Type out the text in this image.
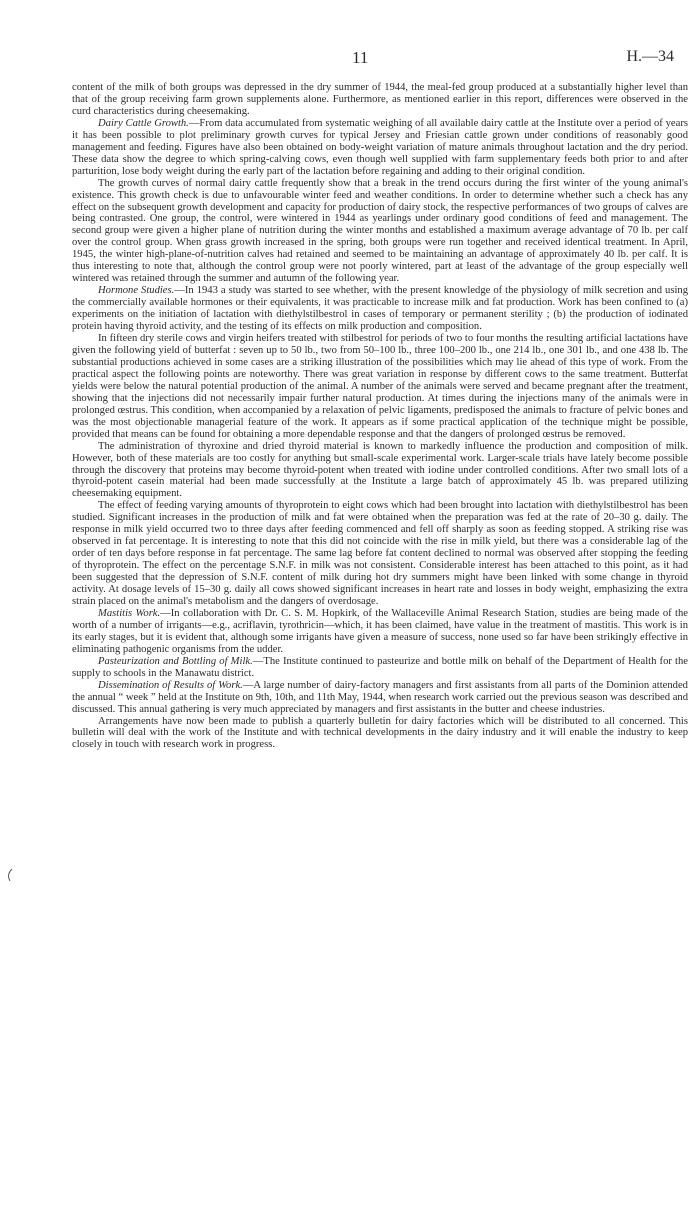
11	H.—34

content of the milk of both groups was depressed in the dry summer of 1944, the meal-fed group produced at a substantially higher level than that of the group receiving farm grown supplements alone. Furthermore, as mentioned earlier in this report, differences were observed in the curd characteristics during cheesemaking.

Dairy Cattle Growth.—From data accumulated from systematic weighing of all available dairy cattle at the Institute over a period of years it has been possible to plot preliminary growth curves for typical Jersey and Friesian cattle grown under conditions of reasonably good management and feeding. Figures have also been obtained on body-weight variation of mature animals throughout lactation and the dry period. These data show the degree to which spring-calving cows, even though well supplied with farm supplementary feeds both prior to and after parturition, lose body weight during the early part of the lactation before regaining and adding to their original condition.

The growth curves of normal dairy cattle frequently show that a break in the trend occurs during the first winter of the young animal's existence. This growth check is due to unfavourable winter feed and weather conditions. In order to determine whether such a check has any effect on the subsequent growth development and capacity for production of dairy stock, the respective performances of two groups of calves are being contrasted. One group, the control, were wintered in 1944 as yearlings under ordinary good conditions of feed and management. The second group were given a higher plane of nutrition during the winter months and established a maximum average advantage of 70 lb. per calf over the control group. When grass growth increased in the spring, both groups were run together and received identical treatment. In April, 1945, the winter high-plane-of-nutrition calves had retained and seemed to be maintaining an advantage of approximately 40 lb. per calf. It is thus interesting to note that, although the control group were not poorly wintered, part at least of the advantage of the group especially well wintered was retained through the summer and autumn of the following year.

Hormone Studies.—In 1943 a study was started to see whether, with the present knowledge of the physiology of milk secretion and using the commercially available hormones or their equivalents, it was practicable to increase milk and fat production. Work has been confined to (a) experiments on the initiation of lactation with diethylstilbestrol in cases of temporary or permanent sterility ; (b) the production of iodinated protein having thyroid activity, and the testing of its effects on milk production and composition.

In fifteen dry sterile cows and virgin heifers treated with stilbestrol for periods of two to four months the resulting artificial lactations have given the following yield of butterfat : seven up to 50 lb., two from 50–100 lb., three 100–200 lb., one 214 lb., one 301 lb., and one 438 lb. The substantial productions achieved in some cases are a striking illustration of the possibilities which may lie ahead of this type of work. From the practical aspect the following points are noteworthy. There was great variation in response by different cows to the same treatment. Butterfat yields were below the natural potential production of the animal. A number of the animals were served and became pregnant after the treatment, showing that the injections did not necessarily impair further natural production. At times during the injections many of the animals were in prolonged œstrus. This condition, when accompanied by a relaxation of pelvic ligaments, predisposed the animals to fracture of pelvic bones and was the most objectionable managerial feature of the work. It appears as if some practical application of the technique might be possible, provided that means can be found for obtaining a more dependable response and that the dangers of prolonged œstrus be removed.

The administration of thyroxine and dried thyroid material is known to markedly influence the production and composition of milk. However, both of these materials are too costly for anything but small-scale experimental work. Larger-scale trials have lately become possible through the discovery that proteins may become thyroid-potent when treated with iodine under controlled conditions. After two small lots of a thyroid-potent casein material had been made successfully at the Institute a large batch of approximately 45 lb. was prepared utilizing cheesemaking equipment.

The effect of feeding varying amounts of thyroprotein to eight cows which had been brought into lactation with diethylstilbestrol has been studied. Significant increases in the production of milk and fat were obtained when the preparation was fed at the rate of 20–30 g. daily. The response in milk yield occurred two to three days after feeding commenced and fell off sharply as soon as feeding stopped. A striking rise was observed in fat percentage. It is interesting to note that this did not coincide with the rise in milk yield, but there was a considerable lag of the order of ten days before response in fat percentage. The same lag before fat content declined to normal was observed after stopping the feeding of thyroprotein. The effect on the percentage S.N.F. in milk was not consistent. Considerable interest has been attached to this point, as it had been suggested that the depression of S.N.F. content of milk during hot dry summers might have been linked with some change in thyroid activity. At dosage levels of 15–30 g. daily all cows showed significant increases in heart rate and losses in body weight, emphasizing the extra strain placed on the animal's metabolism and the dangers of overdosage.

Mastitis Work.—In collaboration with Dr. C. S. M. Hopkirk, of the Wallaceville Animal Research Station, studies are being made of the worth of a number of irrigants—e.g., acriflavin, tyrothricin—which, it has been claimed, have value in the treatment of mastitis. This work is in its early stages, but it is evident that, although some irrigants have given a measure of success, none used so far have been strikingly effective in eliminating pathogenic organisms from the udder.

Pasteurization and Bottling of Milk.—The Institute continued to pasteurize and bottle milk on behalf of the Department of Health for the supply to schools in the Manawatu district.

Dissemination of Results of Work.—A large number of dairy-factory managers and first assistants from all parts of the Dominion attended the annual “ week ” held at the Institute on 9th, 10th, and 11th May, 1944, when research work carried out the previous season was described and discussed. This annual gathering is very much appreciated by managers and first assistants in the butter and cheese industries.

Arrangements have now been made to publish a quarterly bulletin for dairy factories which will be distributed to all concerned. This bulletin will deal with the work of the Institute and with technical developments in the dairy industry and it will enable the industry to keep closely in touch with research work in progress.
